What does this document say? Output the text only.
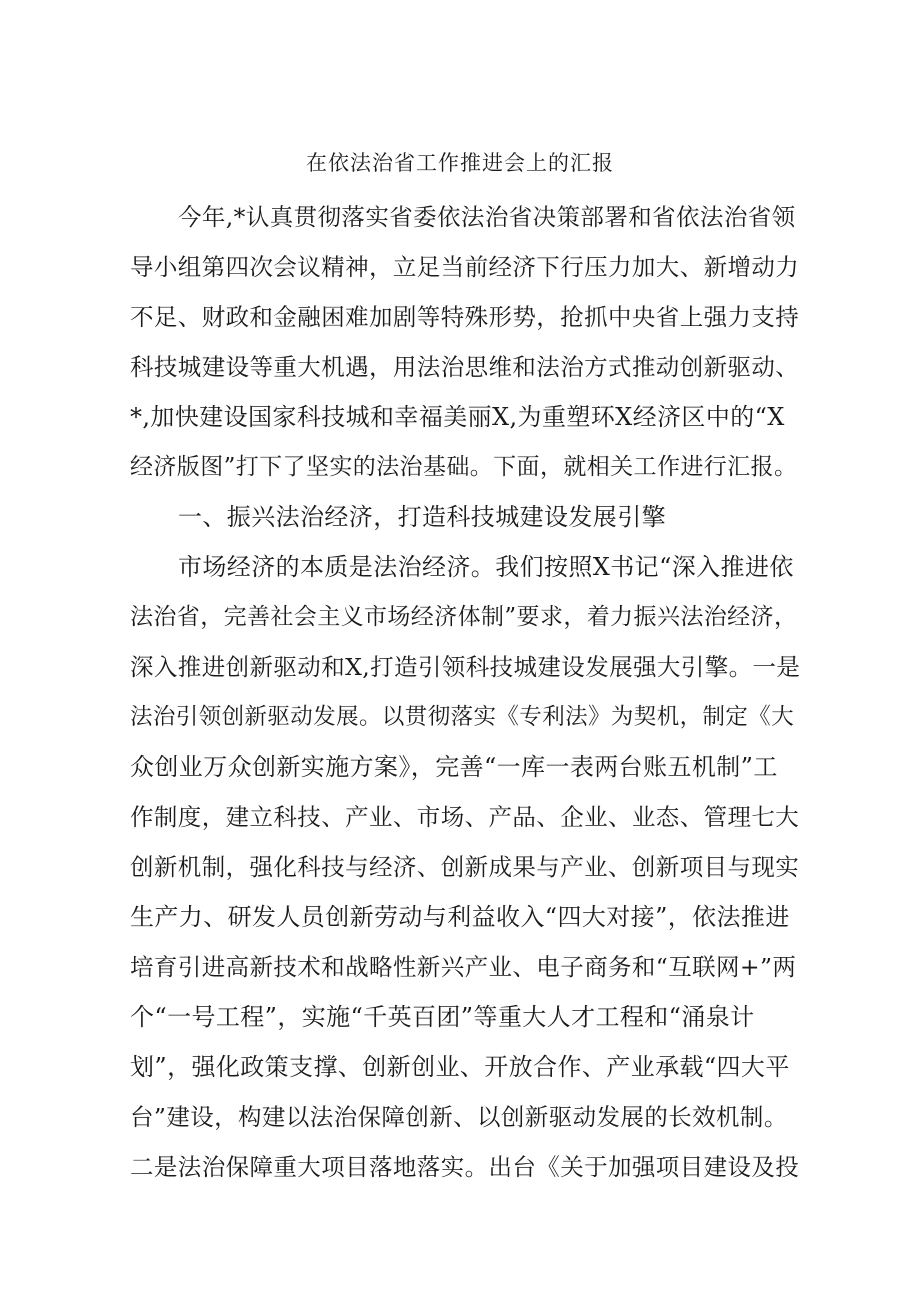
在依法治省工作推进会上的汇报
今年,*认真贯彻落实省委依法治省决策部署和省依法治省领
导小组第四次会议精神，立足当前经济下行压力加大、新增动力
不足、财政和金融困难加剧等特殊形势，抢抓中央省上强力支持
科技城建设等重大机遇，用法治思维和法治方式推动创新驱动、
*,加快建设国家科技城和幸福美丽X,为重塑环X经济区中的“X
经济版图”打下了坚实的法治基础。下面，就相关工作进行汇报。
一、振兴法治经济，打造科技城建设发展引擎
市场经济的本质是法治经济。我们按照X书记“深入推进依
法治省，完善社会主义市场经济体制”要求，着力振兴法治经济，
深入推进创新驱动和X,打造引领科技城建设发展强大引擎。一是
法治引领创新驱动发展。以贯彻落实《专利法》为契机，制定《大
众创业万众创新实施方案》，完善“一库一表两台账五机制”工
作制度，建立科技、产业、市场、产品、企业、业态、管理七大
创新机制，强化科技与经济、创新成果与产业、创新项目与现实
生产力、研发人员创新劳动与利益收入“四大对接”，依法推进
培育引进高新技术和战略性新兴产业、电子商务和“互联网+”两
个“一号工程”，实施“千英百团”等重大人才工程和“涌泉计
划”，强化政策支撑、创新创业、开放合作、产业承载“四大平
台”建设，构建以法治保障创新、以创新驱动发展的长效机制。
二是法治保障重大项目落地落实。出台《关于加强项目建设及投
